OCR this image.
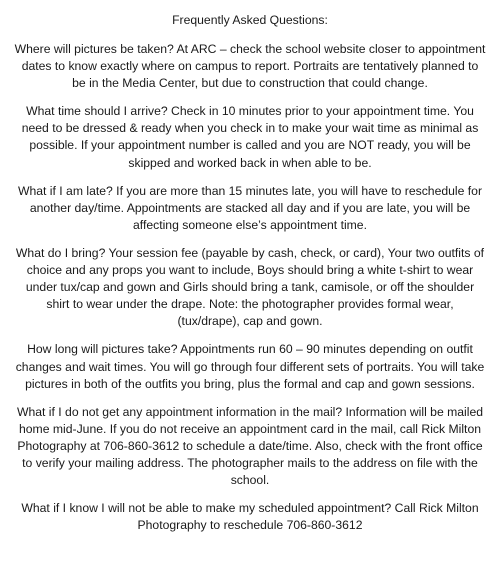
Frequently Asked Questions:

Where will pictures be taken? At ARC – check the school website closer to appointment dates to know exactly where on campus to report. Portraits are tentatively planned to be in the Media Center, but due to construction that could change.

What time should I arrive? Check in 10 minutes prior to your appointment time. You need to be dressed & ready when you check in to make your wait time as minimal as possible. If your appointment number is called and you are NOT ready, you will be skipped and worked back in when able to be.

What if I am late? If you are more than 15 minutes late, you will have to reschedule for another day/time. Appointments are stacked all day and if you are late, you will be affecting someone else’s appointment time.

What do I bring? Your session fee (payable by cash, check, or card), Your two outfits of choice and any props you want to include, Boys should bring a white t-shirt to wear under tux/cap and gown and Girls should bring a tank, camisole, or off the shoulder shirt to wear under the drape. Note: the photographer provides formal wear, (tux/drape), cap and gown.

How long will pictures take? Appointments run 60 – 90 minutes depending on outfit changes and wait times. You will go through four different sets of portraits. You will take pictures in both of the outfits you bring, plus the formal and cap and gown sessions.

What if I do not get any appointment information in the mail? Information will be mailed home mid-June. If you do not receive an appointment card in the mail, call Rick Milton Photography at 706-860-3612 to schedule a date/time. Also, check with the front office to verify your mailing address. The photographer mails to the address on file with the school.

What if I know I will not be able to make my scheduled appointment? Call Rick Milton Photography to reschedule 706-860-3612
